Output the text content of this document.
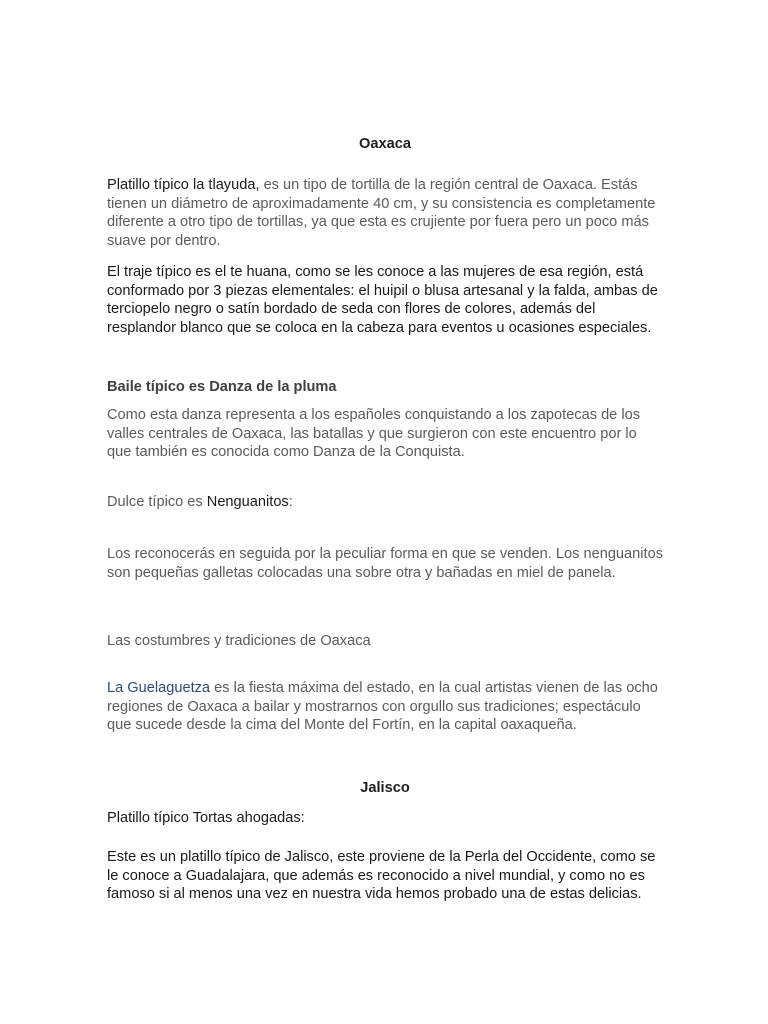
Oaxaca

Platillo típico la tlayuda, es un tipo de tortilla de la región central de Oaxaca. Estás tienen un diámetro de aproximadamente 40 cm, y su consistencia es completamente diferente a otro tipo de tortillas, ya que esta es crujiente por fuera pero un poco más suave por dentro.

El traje típico es el te huana, como se les conoce a las mujeres de esa región, está conformado por 3 piezas elementales: el huipil o blusa artesanal y la falda, ambas de terciopelo negro o satín bordado de seda con flores de colores, además del resplandor blanco que se coloca en la cabeza para eventos u ocasiones especiales.

Baile típico es Danza de la pluma

Como esta danza representa a los españoles conquistando a los zapotecas de los valles centrales de Oaxaca, las batallas y que surgieron con este encuentro por lo que también es conocida como Danza de la Conquista.

Dulce típico es Nenguanitos:

Los reconocerás en seguida por la peculiar forma en que se venden. Los nenguanitos son pequeñas galletas colocadas una sobre otra y bañadas en miel de panela.

Las costumbres y tradiciones de Oaxaca

La Guelaguetza es la fiesta máxima del estado, en la cual artistas vienen de las ocho regiones de Oaxaca a bailar y mostrarnos con orgullo sus tradiciones; espectáculo que sucede desde la cima del Monte del Fortín, en la capital oaxaqueña.

Jalisco

Platillo típico Tortas ahogadas:

Este es un platillo típico de Jalisco, este proviene de la Perla del Occidente, como se le conoce a Guadalajara, que además es reconocido a nivel mundial, y como no es famoso si al menos una vez en nuestra vida hemos probado una de estas delicias.
